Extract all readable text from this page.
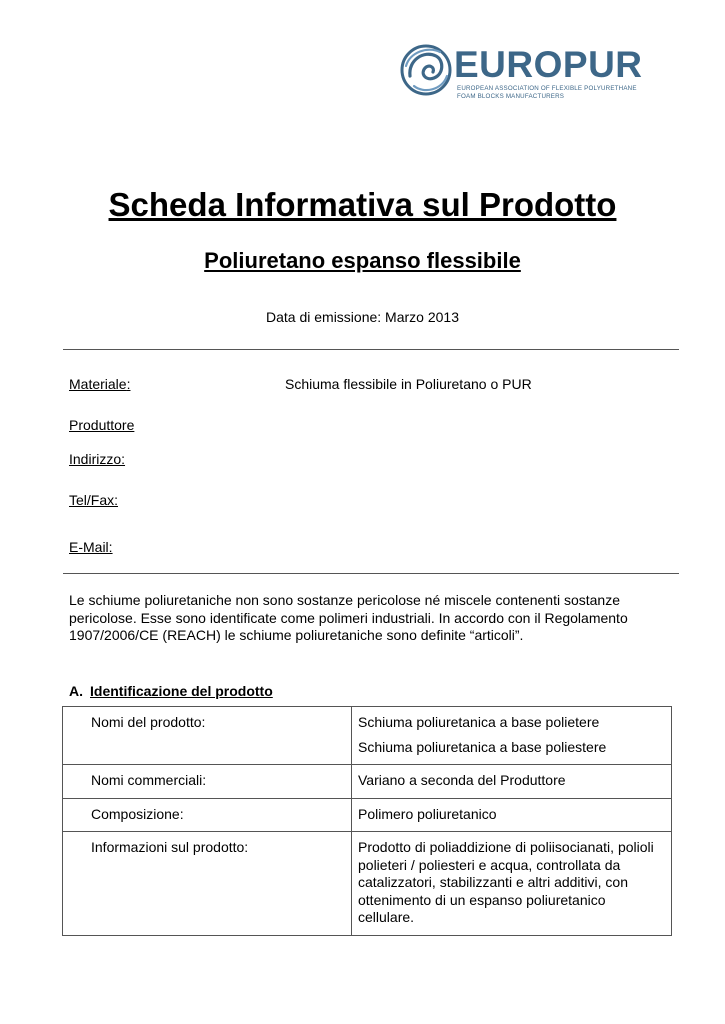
EUROPUR
EUROPEAN ASSOCIATION OF FLEXIBLE POLYURETHANE
FOAM BLOCKS MANUFACTURERS
Scheda Informativa sul Prodotto
Poliuretano espanso flessibile
Data di emissione: Marzo 2013
Materiale:	Schiuma flessibile in Poliuretano o PUR
Produttore
Indirizzo:
Tel/Fax:
E-Mail:
Le schiume poliuretaniche non sono sostanze pericolose né miscele contenenti sostanze pericolose. Esse sono identificate come polimeri industriali. In accordo con il Regolamento 1907/2006/CE (REACH) le schiume poliuretaniche sono definite “articoli”.
A. Identificazione del prodotto
Nomi del prodotto:	Schiuma poliuretanica a base polietere
Schiuma poliuretanica a base poliestere

Nomi commerciali:	Variano a seconda del Produttore
Composizione:	Polimero poliuretanico
Informazioni sul prodotto:	Prodotto di poliaddizione di poliisocianati, polioli polieteri / poliesteri e acqua, controllata da catalizzatori, stabilizzanti e altri additivi, con ottenimento di un espanso poliuretanico cellulare.
